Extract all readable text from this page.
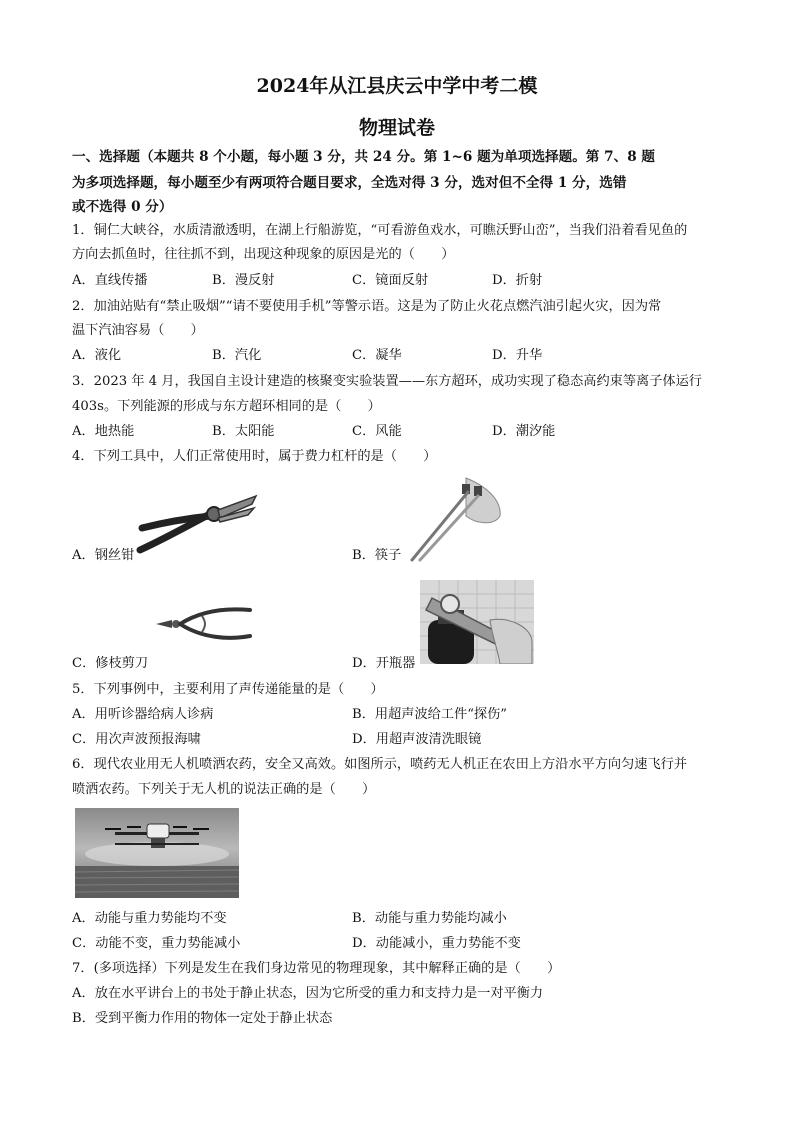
2024年从江县庆云中学中考二模
物理试卷
一、选择题（本题共 8 个小题，每小题 3 分，共 24 分。第 1~6 题为单项选择题。第 7、8 题
为多项选择题，每小题至少有两项符合题目要求，全选对得 3 分，选对但不全得 1 分，选错
或不选得 0 分）
1．铜仁大峡谷，水质清澈透明，在湖上行船游览，“可看游鱼戏水，可瞧沃野山峦”，当我们沿着看见鱼的
方向去抓鱼时，往往抓不到，出现这种现象的原因是光的（　　）
A．直线传播	B．漫反射	C．镜面反射	D．折射
2．加油站贴有“禁止吸烟”“请不要使用手机”等警示语。这是为了防止火花点燃汽油引起火灾，因为常
温下汽油容易（　　）
A．液化	B．汽化	C．凝华	D．升华
3．2023 年 4 月，我国自主设计建造的核聚变实验装置——东方超环，成功实现了稳态高约束等离子体运行
403s。下列能源的形成与东方超环相同的是（　　）
A．地热能	B．太阳能	C．风能	D．潮汐能
4．下列工具中，人们正常使用时，属于费力杠杆的是（　　）
A．钢丝钳	B．筷子
C．修枝剪刀	D．开瓶器
5．下列事例中，主要利用了声传递能量的是（　　）
A．用听诊器给病人诊病	B．用超声波给工件“探伤”
C．用次声波预报海啸	D．用超声波清洗眼镜
6．现代农业用无人机喷洒农药，安全又高效。如图所示，喷药无人机正在农田上方沿水平方向匀速飞行并
喷洒农药。下列关于无人机的说法正确的是（　　）
A．动能与重力势能均不变	B．动能与重力势能均减小
C．动能不变，重力势能减小	D．动能减小，重力势能不变
7．(多项选择）下列是发生在我们身边常见的物理现象，其中解释正确的是（　　）
A．放在水平讲台上的书处于静止状态，因为它所受的重力和支持力是一对平衡力
B．受到平衡力作用的物体一定处于静止状态
